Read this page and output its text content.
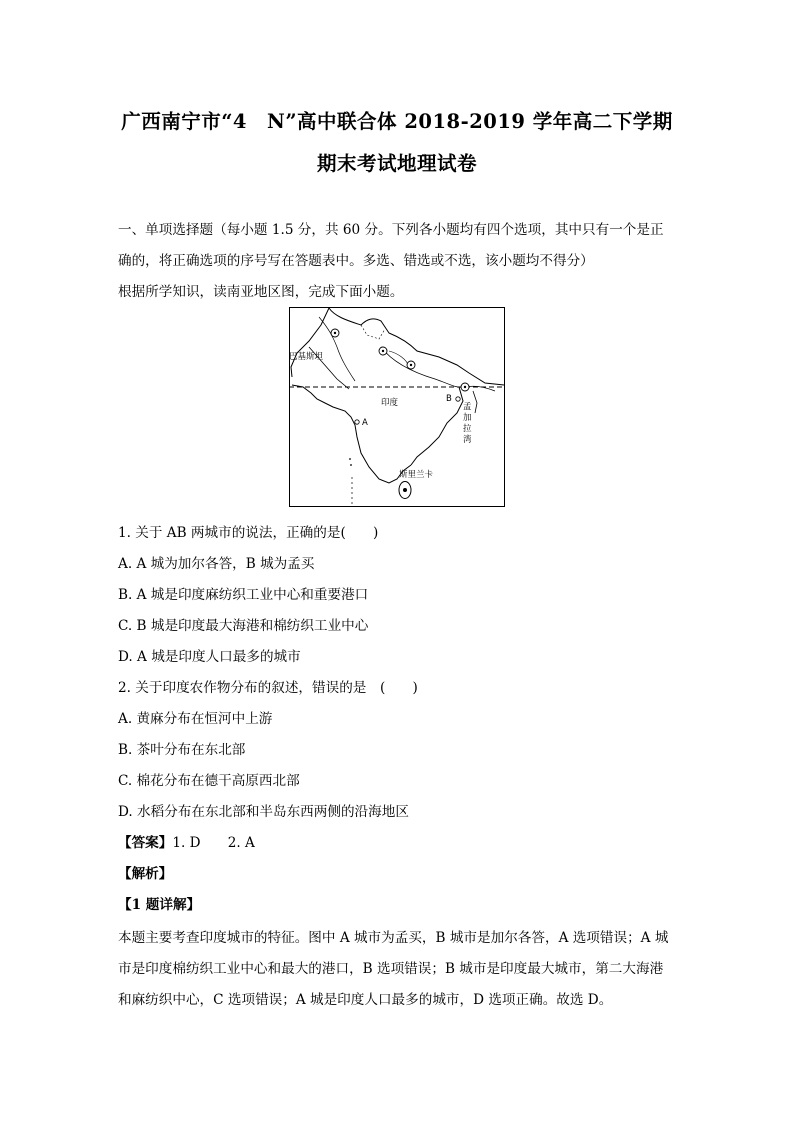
广西南宁市“4　N”高中联合体 2018-2019 学年高二下学期
期末考试地理试卷
一、单项选择题（每小题 1.5 分，共 60 分。下列各小题均有四个选项，其中只有一个是正
确的，将正确选项的序号写在答题表中。多选、错选或不选，该小题均不得分）
根据所学知识，读南亚地区图，完成下面小题。
巴基斯坦
印度
A
B
孟
加
拉
湾
斯里兰卡
1. 关于 AB 两城市的说法，正确的是(　　)
A. A 城为加尔各答，B 城为孟买
B. A 城是印度麻纺织工业中心和重要港口
C. B 城是印度最大海港和棉纺织工业中心
D. A 城是印度人口最多的城市
2. 关于印度农作物分布的叙述，错误的是　(　　)
A. 黄麻分布在恒河中上游
B. 茶叶分布在东北部
C. 棉花分布在德干高原西北部
D. 水稻分布在东北部和半岛东西两侧的沿海地区
【答案】1. D　　2. A
【解析】
【1 题详解】
本题主要考查印度城市的特征。图中 A 城市为孟买，B 城市是加尔各答，A 选项错误；A 城
市是印度棉纺织工业中心和最大的港口，B 选项错误；B 城市是印度最大城市，第二大海港
和麻纺织中心，C 选项错误；A 城是印度人口最多的城市，D 选项正确。故选 D。
